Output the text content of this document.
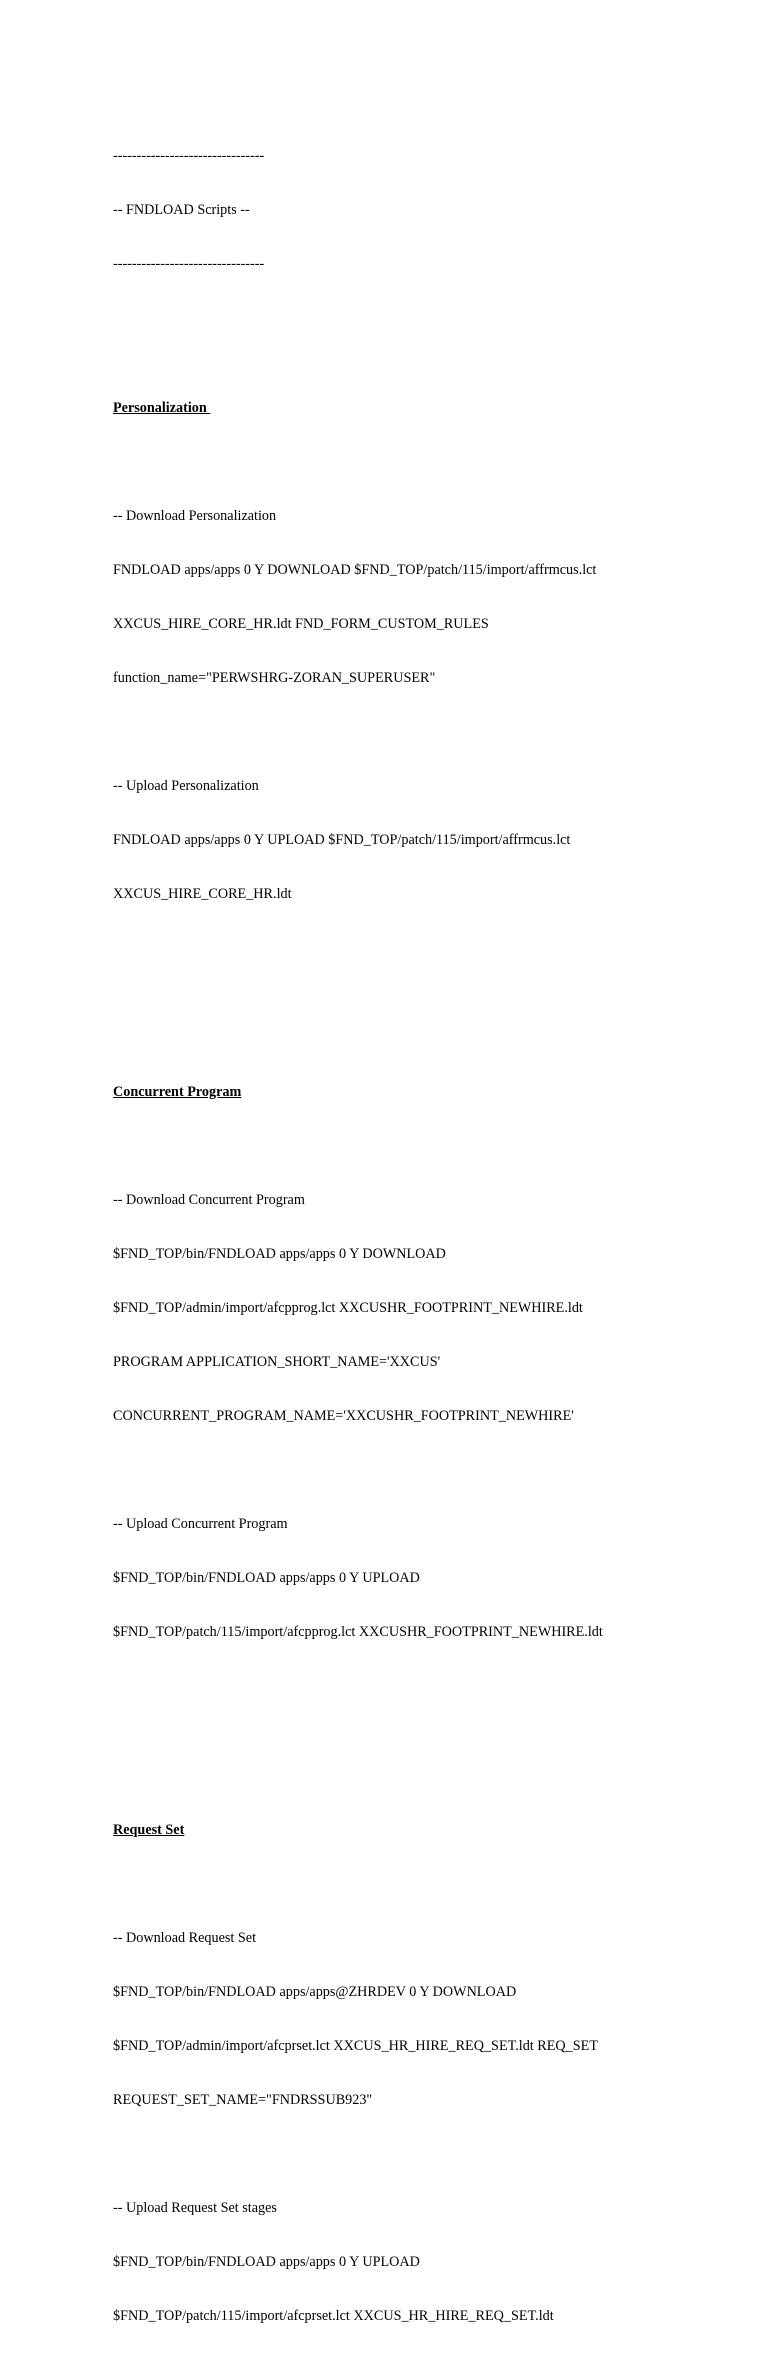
--------------------------------

-- FNDLOAD Scripts --

--------------------------------

Personalization

-- Download Personalization

FNDLOAD apps/apps 0 Y DOWNLOAD $FND_TOP/patch/115/import/affrmcus.lct

XXCUS_HIRE_CORE_HR.ldt FND_FORM_CUSTOM_RULES

function_name="PERWSHRG-ZORAN_SUPERUSER"

-- Upload Personalization

FNDLOAD apps/apps 0 Y UPLOAD $FND_TOP/patch/115/import/affrmcus.lct

XXCUS_HIRE_CORE_HR.ldt

Concurrent Program

-- Download Concurrent Program

$FND_TOP/bin/FNDLOAD apps/apps 0 Y DOWNLOAD

$FND_TOP/admin/import/afcpprog.lct XXCUSHR_FOOTPRINT_NEWHIRE.ldt

PROGRAM APPLICATION_SHORT_NAME='XXCUS'

CONCURRENT_PROGRAM_NAME='XXCUSHR_FOOTPRINT_NEWHIRE'

-- Upload Concurrent Program

$FND_TOP/bin/FNDLOAD apps/apps 0 Y UPLOAD

$FND_TOP/patch/115/import/afcpprog.lct XXCUSHR_FOOTPRINT_NEWHIRE.ldt

Request Set

-- Download Request Set

$FND_TOP/bin/FNDLOAD apps/apps@ZHRDEV 0 Y DOWNLOAD

$FND_TOP/admin/import/afcprset.lct XXCUS_HR_HIRE_REQ_SET.ldt REQ_SET

REQUEST_SET_NAME="FNDRSSUB923"

-- Upload Request Set stages

$FND_TOP/bin/FNDLOAD apps/apps 0 Y UPLOAD

$FND_TOP/patch/115/import/afcprset.lct XXCUS_HR_HIRE_REQ_SET.ldt
